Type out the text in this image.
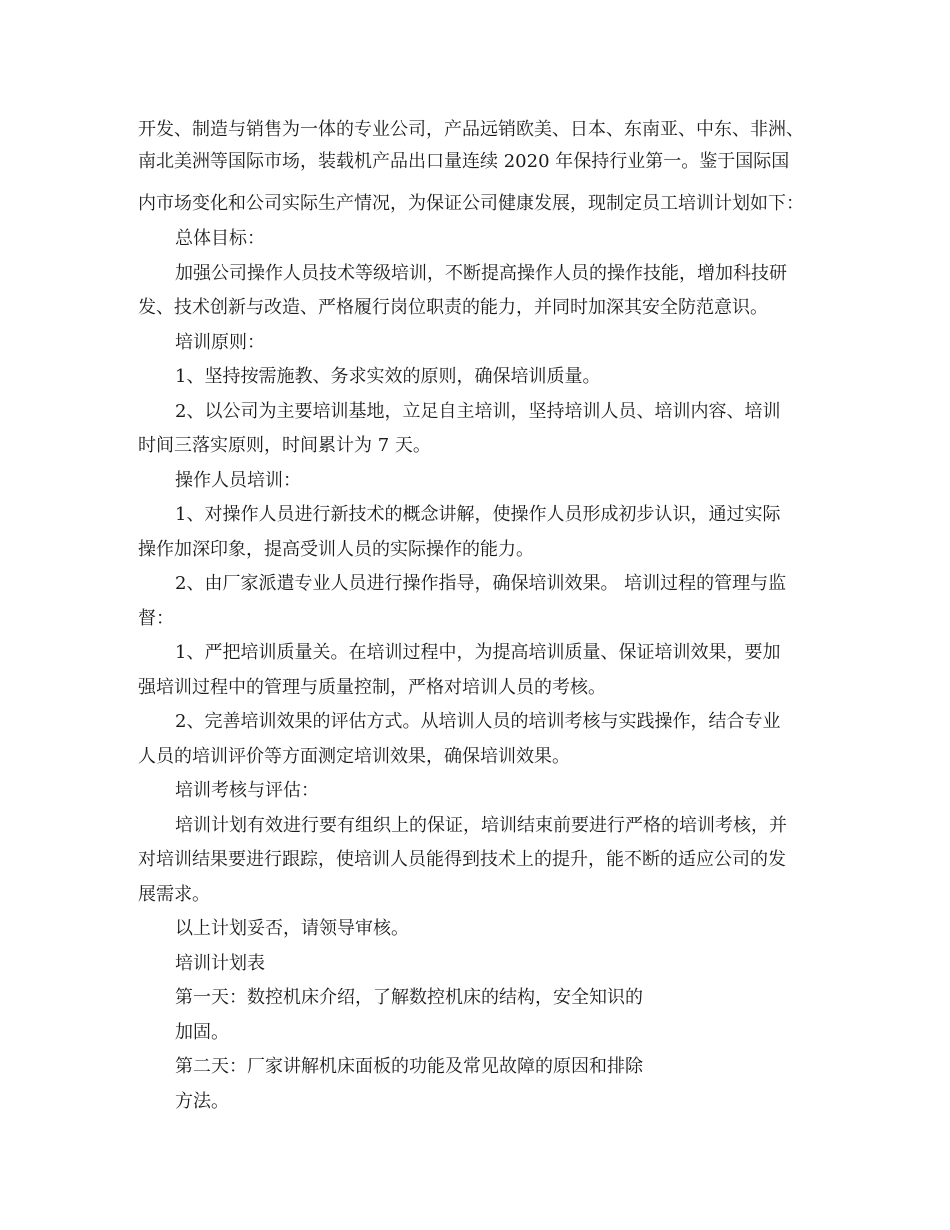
开发、制造与销售为一体的专业公司，产品远销欧美、日本、东南亚、中东、非洲、
南北美洲等国际市场，装载机产品出口量连续 2020 年保持行业第一。鉴于国际国
内市场变化和公司实际生产情况，为保证公司健康发展，现制定员工培训计划如下：
总体目标：
加强公司操作人员技术等级培训，不断提高操作人员的操作技能，增加科技研
发、技术创新与改造、严格履行岗位职责的能力，并同时加深其安全防范意识。
培训原则：
1、坚持按需施教、务求实效的原则，确保培训质量。
2、以公司为主要培训基地，立足自主培训，坚持培训人员、培训内容、培训
时间三落实原则，时间累计为 7 天。
操作人员培训：
1、对操作人员进行新技术的概念讲解，使操作人员形成初步认识，通过实际
操作加深印象，提高受训人员的实际操作的能力。
2、由厂家派遣专业人员进行操作指导，确保培训效果。 培训过程的管理与监
督：
1、严把培训质量关。在培训过程中，为提高培训质量、保证培训效果，要加
强培训过程中的管理与质量控制，严格对培训人员的考核。
2、完善培训效果的评估方式。从培训人员的培训考核与实践操作，结合专业
人员的培训评价等方面测定培训效果，确保培训效果。
培训考核与评估：
培训计划有效进行要有组织上的保证，培训结束前要进行严格的培训考核，并
对培训结果要进行跟踪，使培训人员能得到技术上的提升，能不断的适应公司的发
展需求。
以上计划妥否，请领导审核。
培训计划表
第一天：数控机床介绍，了解数控机床的结构，安全知识的
加固。
第二天：厂家讲解机床面板的功能及常见故障的原因和排除
方法。
